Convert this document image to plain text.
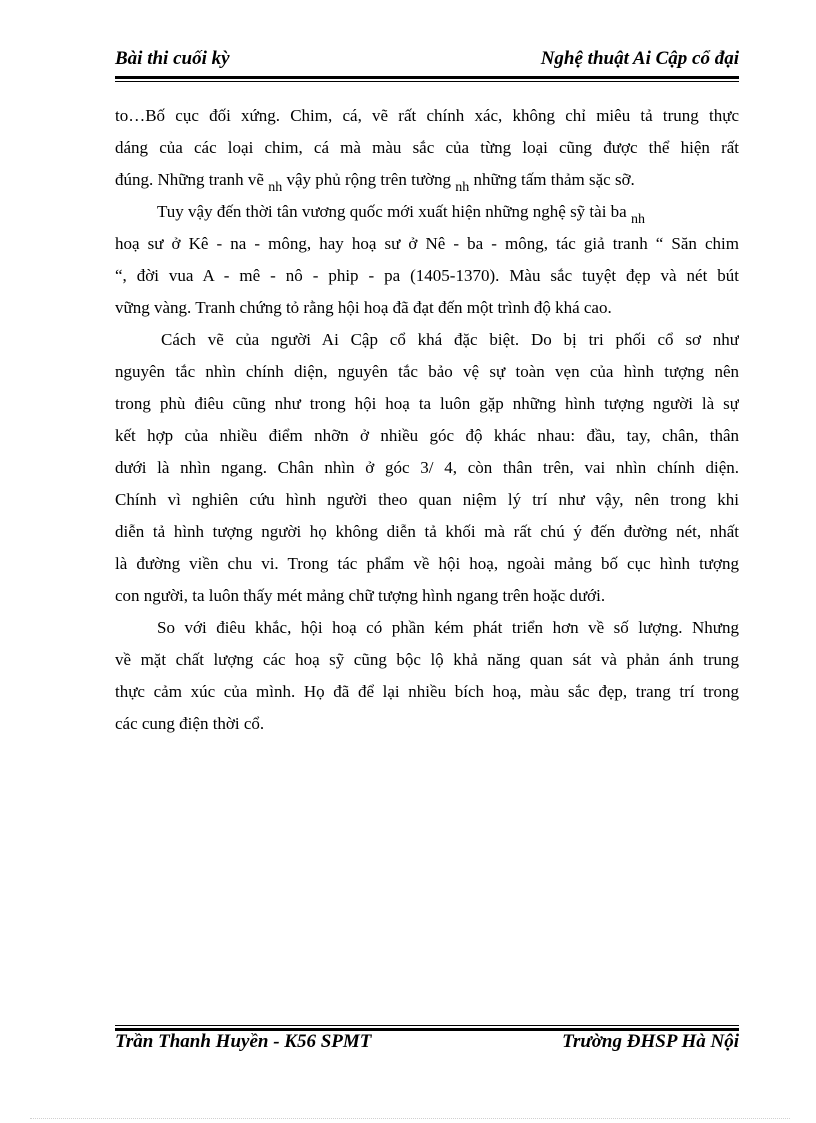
Bài thi cuối kỳ	Nghệ thuật Ai Cập cổ đại
to…Bố cục đối xứng. Chim, cá, vẽ rất chính xác, không chỉ miêu tả trung thực
dáng của các loại chim, cá mà màu sắc của từng loại cũng được thể hiện rất
đúng. Những tranh vẽ $_{nh}$ vậy phủ rộng trên tường $_{nh}$ những tấm thảm sặc sỡ.
Tuy vậy đến thời tân vương quốc mới xuất hiện những nghệ sỹ tài ba $_{nh}$
hoạ sư ở Kê - na - mông, hay hoạ sư ở Nê - ba - mông, tác giả tranh “ Săn chim
“, đời vua A - mê - nô - phip - pa (1405-1370). Màu sắc tuyệt đẹp và nét bút
vững vàng. Tranh chứng tỏ rằng hội hoạ đã đạt đến một trình độ khá cao.
Cách vẽ của người Ai Cập cổ khá đặc biệt. Do bị tri phối cổ sơ như
nguyên tắc nhìn chính diện, nguyên tắc bảo vệ sự toàn vẹn của hình tượng nên
trong phù điêu cũng như trong hội hoạ ta luôn gặp những hình tượng người là sự
kết hợp của nhiều điểm nhỡn ở nhiều góc độ khác nhau: đầu, tay, chân, thân
dưới là nhìn ngang. Chân nhìn ở góc 3/ 4, còn thân trên, vai nhìn chính diện.
Chính vì nghiên cứu hình người theo quan niệm lý trí như vậy, nên trong khi
diễn tả hình tượng người họ không diễn tả khối mà rất chú ý đến đường nét, nhất
là đường viền chu vi. Trong tác phẩm về hội hoạ, ngoài mảng bố cục hình tượng
con người, ta luôn thấy mét mảng chữ tượng hình ngang trên hoặc dưới.
So với điêu khắc, hội hoạ có phần kém phát triển hơn về số lượng. Nhưng
về mặt chất lượng các hoạ sỹ cũng bộc lộ khả năng quan sát và phản ánh trung
thực cảm xúc của mình. Họ đã để lại nhiều bích hoạ, màu sắc đẹp, trang trí trong
các cung điện thời cổ.
Trần Thanh Huyền - K56 SPMT	Trường ĐHSP Hà Nội
